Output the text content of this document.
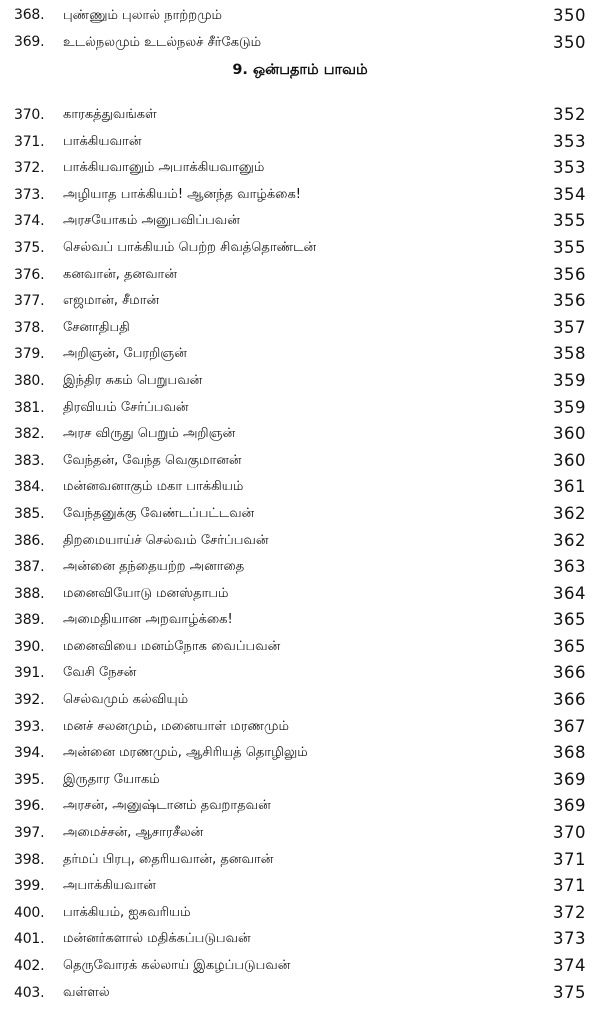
368.	புண்ணும் புலால் நாற்றமும்	350
369.	உடல்நலமும் உடல்நலச் சீர்கேடும்	350
9. ஒன்பதாம் பாவம்
370.	காரகத்துவங்கள்	352
371.	பாக்கியவான்	353
372.	பாக்கியவானும் அபாக்கியவானும்	353
373.	அழியாத பாக்கியம்! ஆனந்த வாழ்க்கை!	354
374.	அரசயோகம் அனுபவிப்பவன்	355
375.	செல்வப் பாக்கியம் பெற்ற சிவத்தொண்டன்	355
376.	கனவான், தனவான்	356
377.	எஜமான், சீமான்	356
378.	சேனாதிபதி	357
379.	அறிஞன், பேரறிஞன்	358
380.	இந்திர சுகம் பெறுபவன்	359
381.	திரவியம் சேர்ப்பவன்	359
382.	அரச விருது பெறும் அறிஞன்	360
383.	வேந்தன், வேந்த வெகுமானன்	360
384.	மன்னவனாகும் மகா பாக்கியம்	361
385.	வேந்தனுக்கு வேண்டப்பட்டவன்	362
386.	திறமையாய்ச் செல்வம் சேர்ப்பவன்	362
387.	அன்னை தந்தையற்ற அனாதை	363
388.	மனைவியோடு மனஸ்தாபம்	364
389.	அமைதியான அறவாழ்க்கை!	365
390.	மனைவியை மனம்நோக வைப்பவன்	365
391.	வேசி நேசன்	366
392.	செல்வமும் கல்வியும்	366
393.	மனச் சலனமும், மனையாள் மரணமும்	367
394.	அன்னை மரணமும், ஆசிரியத் தொழிலும்	368
395.	இருதார யோகம்	369
396.	அரசன், அனுஷ்டானம் தவறாதவன்	369
397.	அமைச்சன், ஆசாரசீலன்	370
398.	தர்மப் பிரபு, தைரியவான், தனவான்	371
399.	அபாக்கியவான்	371
400.	பாக்கியம், ஐசுவரியம்	372
401.	மன்னர்களால் மதிக்கப்படுபவன்	373
402.	தெருவோரக் கல்லாய் இகழப்படுபவன்	374
403.	வள்ளல்	375
